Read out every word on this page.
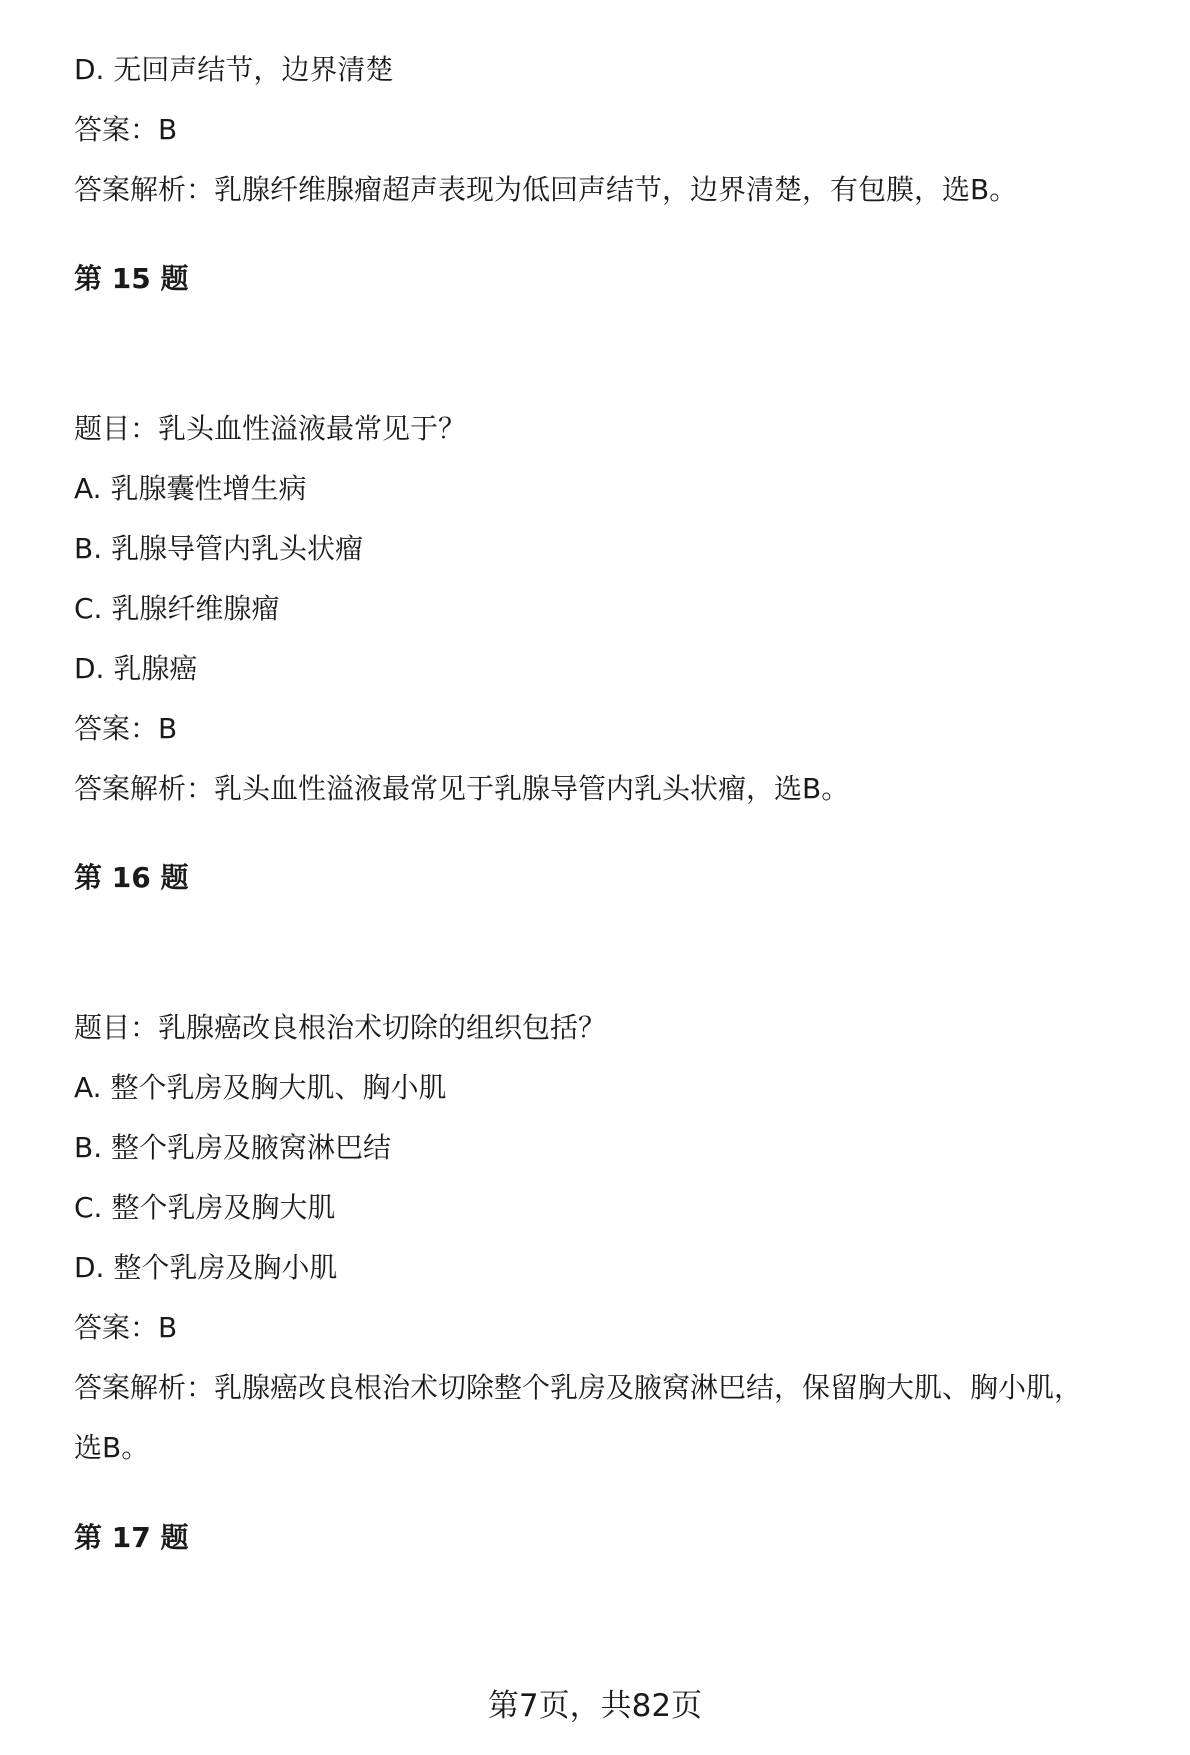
D. 无回声结节，边界清楚
答案：B
答案解析：乳腺纤维腺瘤超声表现为低回声结节，边界清楚，有包膜，选B。
第 15 题
题目：乳头血性溢液最常见于？
A. 乳腺囊性增生病
B. 乳腺导管内乳头状瘤
C. 乳腺纤维腺瘤
D. 乳腺癌
答案：B
答案解析：乳头血性溢液最常见于乳腺导管内乳头状瘤，选B。
第 16 题
题目：乳腺癌改良根治术切除的组织包括？
A. 整个乳房及胸大肌、胸小肌
B. 整个乳房及腋窝淋巴结
C. 整个乳房及胸大肌
D. 整个乳房及胸小肌
答案：B
答案解析：乳腺癌改良根治术切除整个乳房及腋窝淋巴结，保留胸大肌、胸小肌，
选B。
第 17 题
第7页，共82页
